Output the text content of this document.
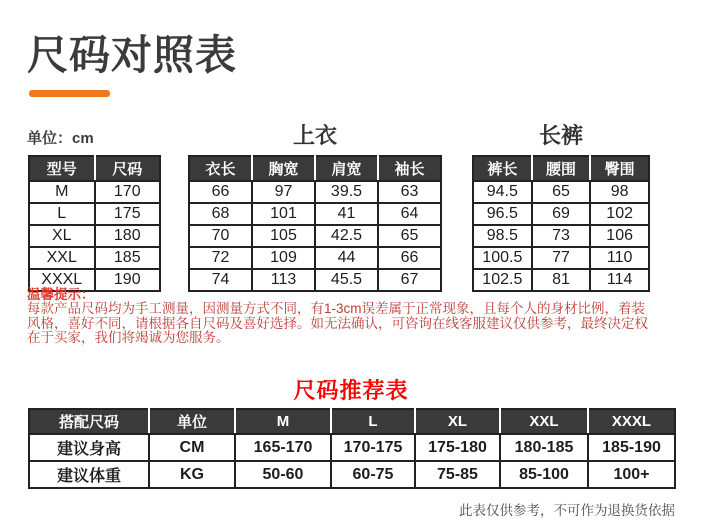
尺码对照表
单位：cm	上衣	长裤
型号	尺码
M	170
L	175
XL	180
XXL	185
XXXL	190
衣长	胸宽	肩宽	袖长
66	97	39.5	63
68	101	41	64
70	105	42.5	65
72	109	44	66
74	113	45.5	67
裤长	腰围	臀围
94.5	65	98
96.5	69	102
98.5	73	106
100.5	77	110
102.5	81	114
温馨提示：
每款产品尺码均为手工测量，因测量方式不同，有1-3cm误差属于正常现象，且每个人的身材比例，着装
风格，喜好不同，请根据各自尺码及喜好选择。如无法确认，可咨询在线客服建议仅供参考，最终决定权
在于买家，我们将竭诚为您服务。
尺码推荐表
搭配尺码	单位	M	L	XL	XXL	XXXL
建议身高	CM	165-170	170-175	175-180	180-185	185-190
建议体重	KG	50-60	60-75	75-85	85-100	100+
此表仅供参考，不可作为退换货依据
